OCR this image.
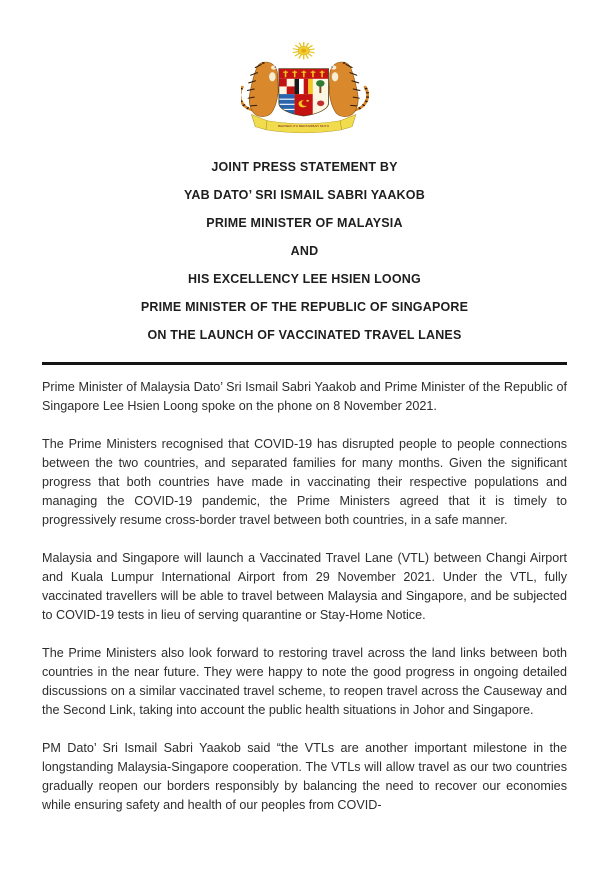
BERSEKUTU BERTAMBAH MUTU
JOINT PRESS STATEMENT BY
YAB DATO’ SRI ISMAIL SABRI YAAKOB
PRIME MINISTER OF MALAYSIA
AND
HIS EXCELLENCY LEE HSIEN LOONG
PRIME MINISTER OF THE REPUBLIC OF SINGAPORE
ON THE LAUNCH OF VACCINATED TRAVEL LANES

Prime Minister of Malaysia Dato’ Sri Ismail Sabri Yaakob and Prime Minister of the Republic of Singapore Lee Hsien Loong spoke on the phone on 8 November 2021.

The Prime Ministers recognised that COVID-19 has disrupted people to people connections between the two countries, and separated families for many months. Given the significant progress that both countries have made in vaccinating their respective populations and managing the COVID-19 pandemic, the Prime Ministers agreed that it is timely to progressively resume cross-border travel between both countries, in a safe manner.

Malaysia and Singapore will launch a Vaccinated Travel Lane (VTL) between Changi Airport and Kuala Lumpur International Airport from 29 November 2021. Under the VTL, fully vaccinated travellers will be able to travel between Malaysia and Singapore, and be subjected to COVID-19 tests in lieu of serving quarantine or Stay-Home Notice.

The Prime Ministers also look forward to restoring travel across the land links between both countries in the near future. They were happy to note the good progress in ongoing detailed discussions on a similar vaccinated travel scheme, to reopen travel across the Causeway and the Second Link, taking into account the public health situations in Johor and Singapore.

PM Dato’ Sri Ismail Sabri Yaakob said “the VTLs are another important milestone in the longstanding Malaysia-Singapore cooperation. The VTLs will allow travel as our two countries gradually reopen our borders responsibly by balancing the need to recover our economies while ensuring safety and health of our peoples from COVID-
